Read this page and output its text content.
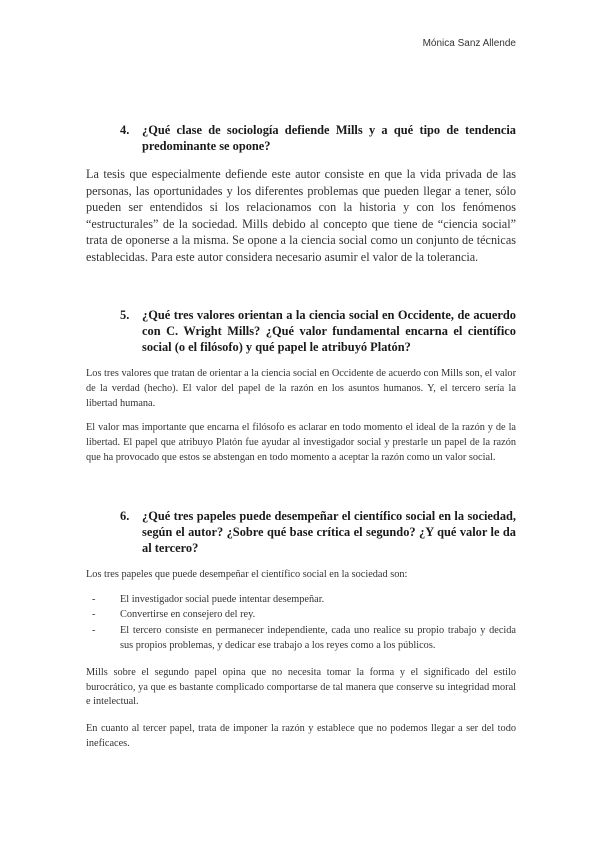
Mónica Sanz Allende
4.	¿Qué clase de sociología defiende Mills y a qué tipo de tendencia predominante se opone?

La tesis que especialmente defiende este autor consiste en que la vida privada de las personas, las oportunidades y los diferentes problemas que pueden llegar a tener, sólo pueden ser entendidos si los relacionamos con la historia y con los fenómenos “estructurales” de la sociedad. Mills debido al concepto que tiene de “ciencia social” trata de oponerse a la misma. Se opone a la ciencia social como un conjunto de técnicas establecidas. Para este autor considera necesario asumir el valor de la tolerancia.

5.	¿Qué tres valores orientan a la ciencia social en Occidente, de acuerdo con C. Wright Mills? ¿Qué valor fundamental encarna el científico social (o el filósofo) y qué papel le atribuyó Platón?

Los tres valores que tratan de orientar a la ciencia social en Occidente de acuerdo con Mills son, el valor de la verdad (hecho). El valor del papel de la razón en los asuntos humanos. Y, el tercero sería la libertad humana.

El valor mas importante que encarna el filósofo es aclarar en todo momento el ideal de la razón y de la libertad. El papel que atribuyo Platón fue ayudar al investigador social y prestarle un papel de la razón que ha provocado que estos se abstengan en todo momento a aceptar la razón como un valor social.

6.	¿Qué tres papeles puede desempeñar el científico social en la sociedad, según el autor? ¿Sobre qué base crítica el segundo? ¿Y qué valor le da al tercero?

Los tres papeles que puede desempeñar el científico social en la sociedad son:

- El investigador social puede intentar desempeñar.
- Convertirse en consejero del rey.
- El tercero consiste en permanecer independiente, cada uno realice su propio trabajo y decida sus propios problemas, y dedicar ese trabajo a los reyes como a los públicos.

Mills sobre el segundo papel opina que no necesita tomar la forma y el significado del estilo burocrático, ya que es bastante complicado comportarse de tal manera que conserve su integridad moral e intelectual.

En cuanto al tercer papel, trata de imponer la razón y establece que no podemos llegar a ser del todo ineficaces.
